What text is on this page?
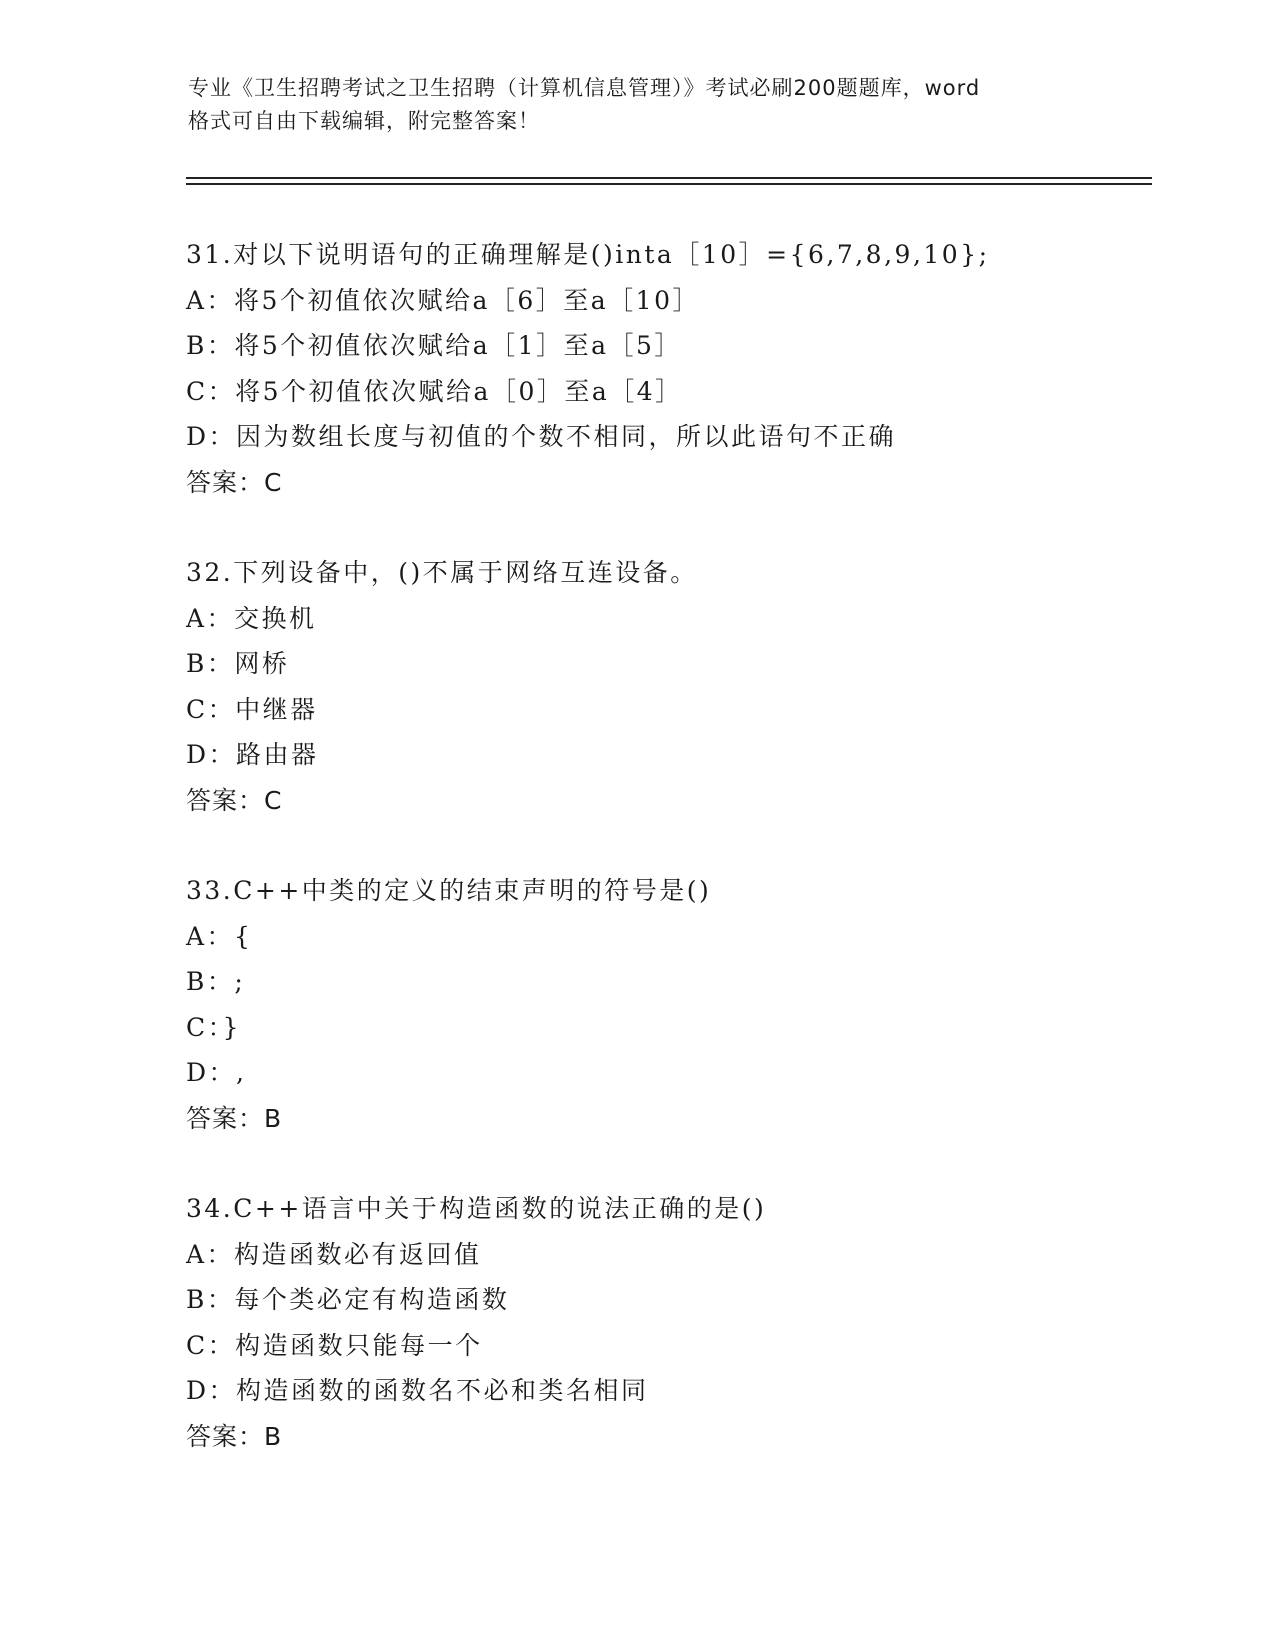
专业《卫生招聘考试之卫生招聘（计算机信息管理）》考试必刷200题题库，word
格式可自由下载编辑，附完整答案！
31.对以下说明语句的正确理解是()inta［10］={6,7,8,9,10};
A：将5个初值依次赋给a［6］至a［10］
B：将5个初值依次赋给a［1］至a［5］
C：将5个初值依次赋给a［0］至a［4］
D：因为数组长度与初值的个数不相同，所以此语句不正确
答案：C
32.下列设备中，()不属于网络互连设备。
A：交换机
B：网桥
C：中继器
D：路由器
答案：C
33.C++中类的定义的结束声明的符号是()
A：{
B：;
C：}
D：,
答案：B
34.C++语言中关于构造函数的说法正确的是()
A：构造函数必有返回值
B：每个类必定有构造函数
C：构造函数只能每一个
D：构造函数的函数名不必和类名相同
答案：B
